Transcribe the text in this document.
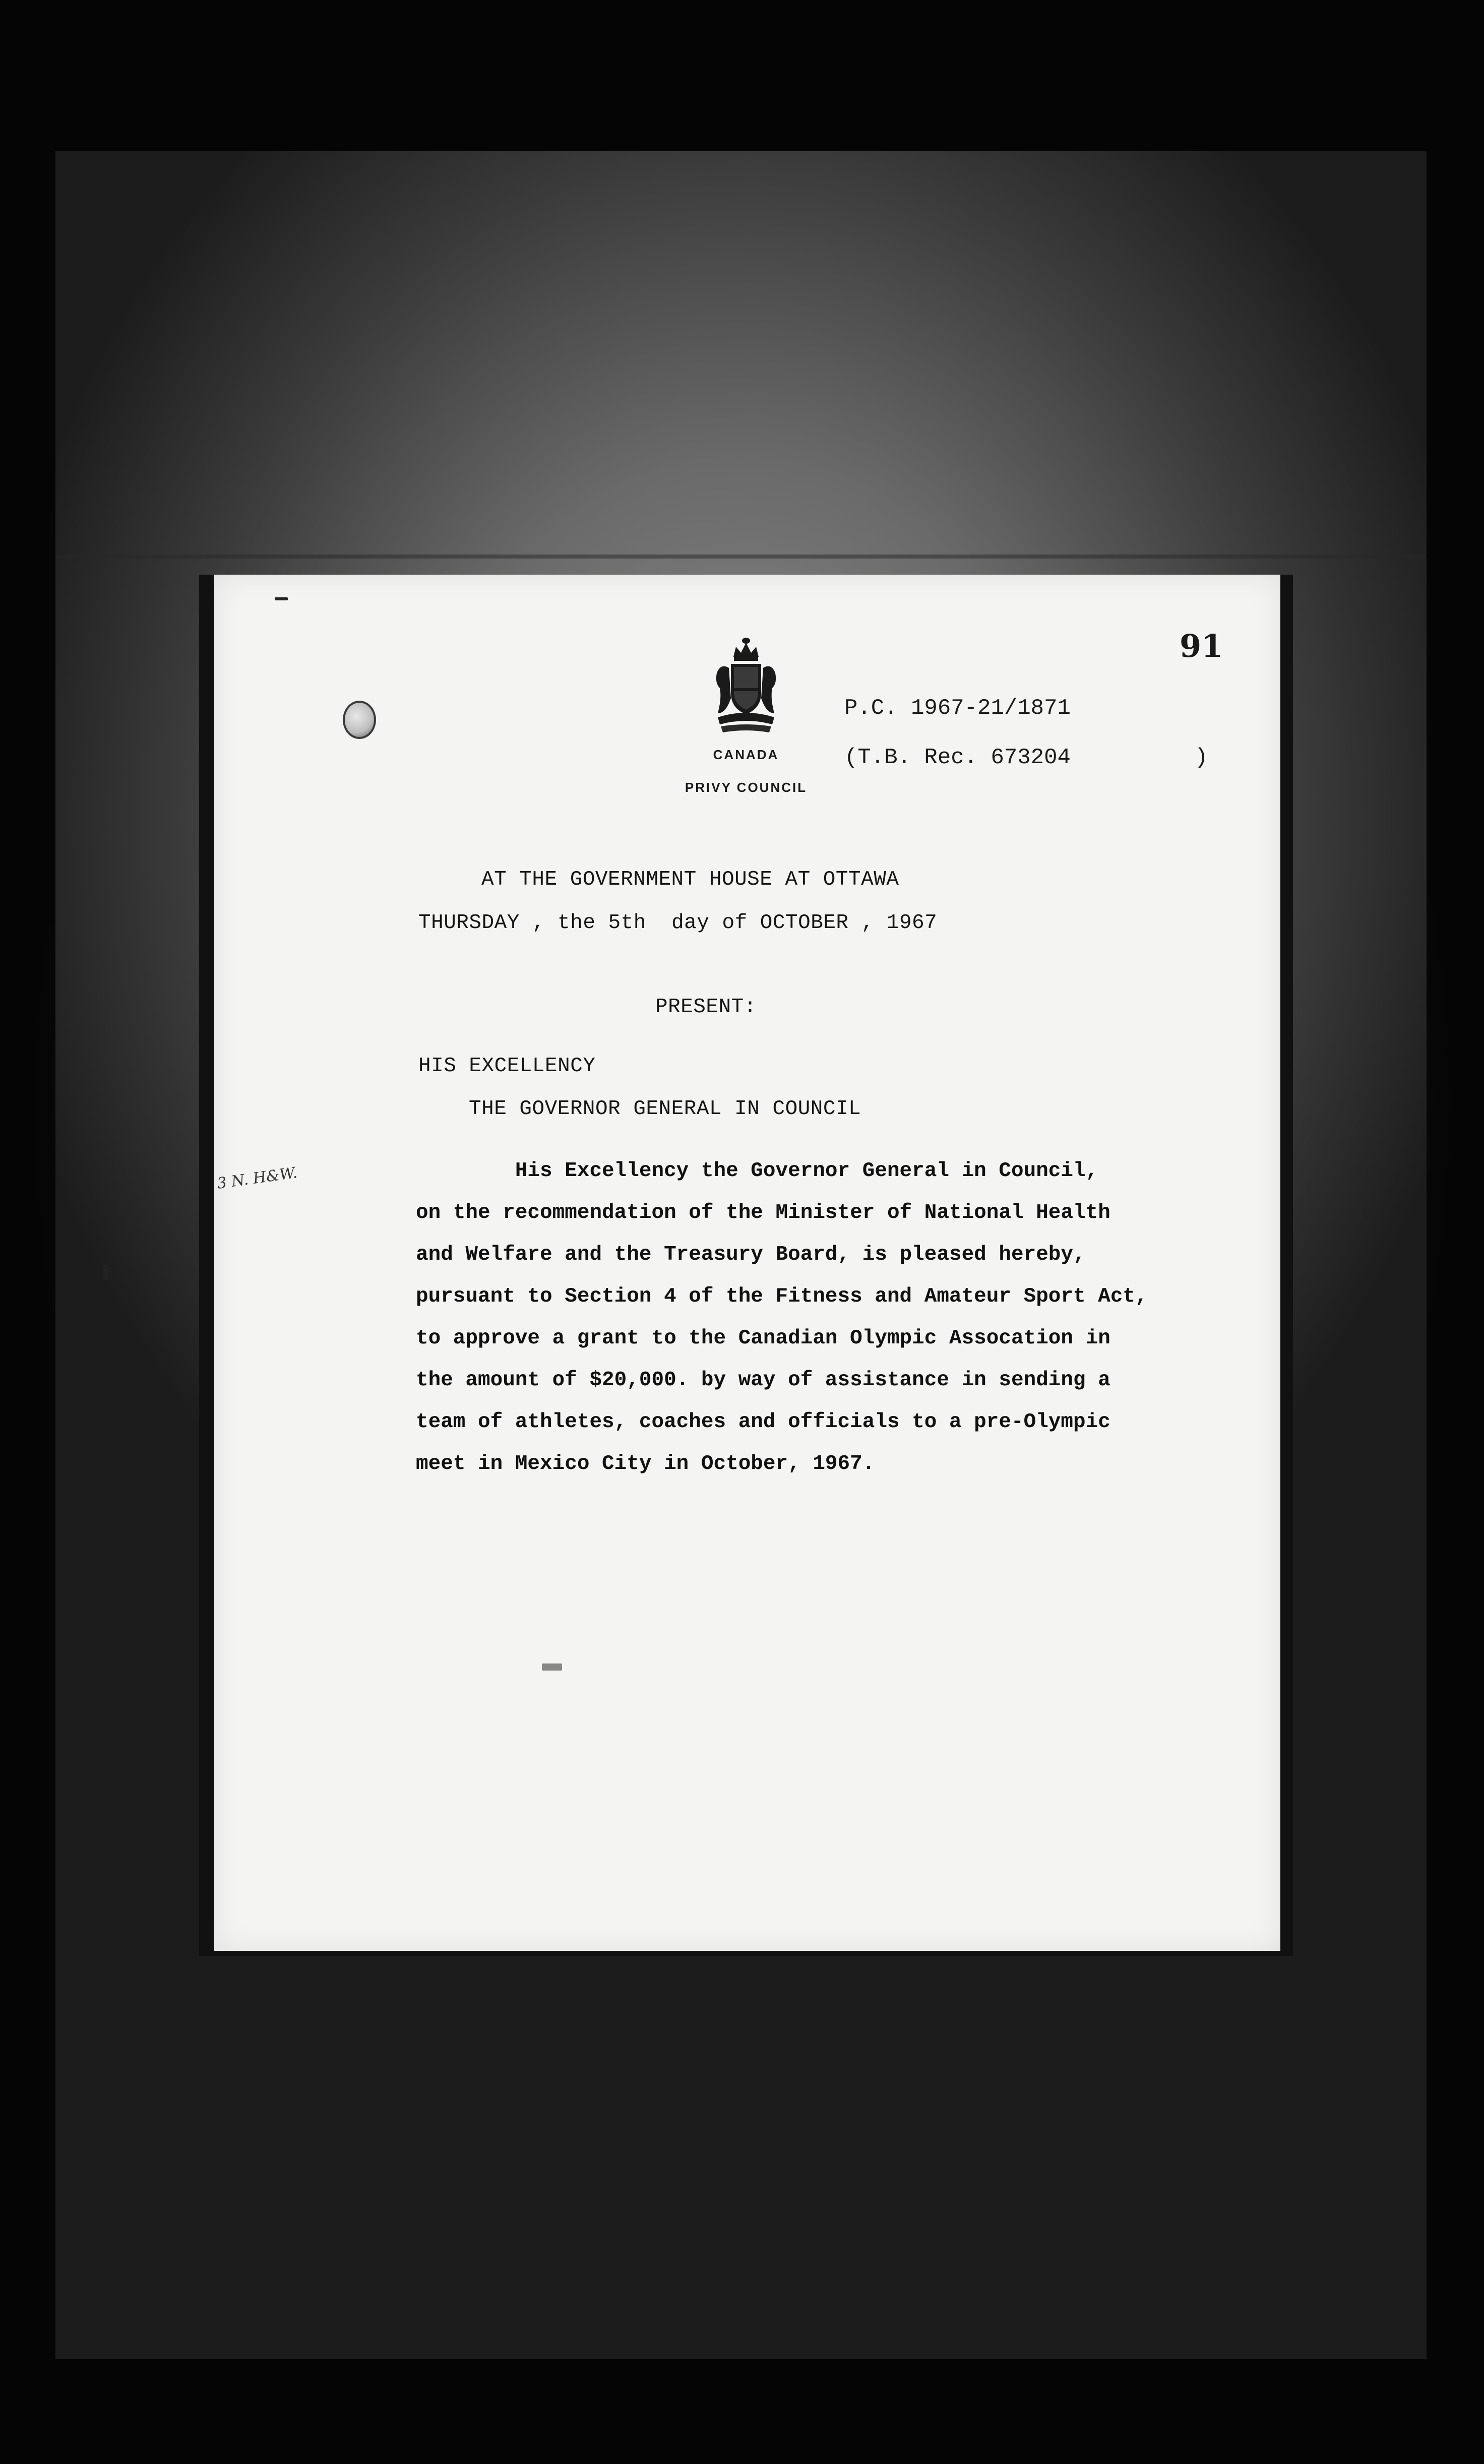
91
CANADA
PRIVY COUNCIL
P.C. 1967-21/1871
(T.B. Rec. 673204	)
AT THE GOVERNMENT HOUSE AT OTTAWA
THURSDAY , the 5th  day of OCTOBER , 1967
PRESENT:
HIS EXCELLENCY
THE GOVERNOR GENERAL IN COUNCIL
3 N. H&W.	His Excellency the Governor General in Council,
on the recommendation of the Minister of National Health
and Welfare and the Treasury Board, is pleased hereby,
pursuant to Section 4 of the Fitness and Amateur Sport Act,
to approve a grant to the Canadian Olympic Assocation in
the amount of $20,000. by way of assistance in sending a
team of athletes, coaches and officials to a pre-Olympic
meet in Mexico City in October, 1967.
